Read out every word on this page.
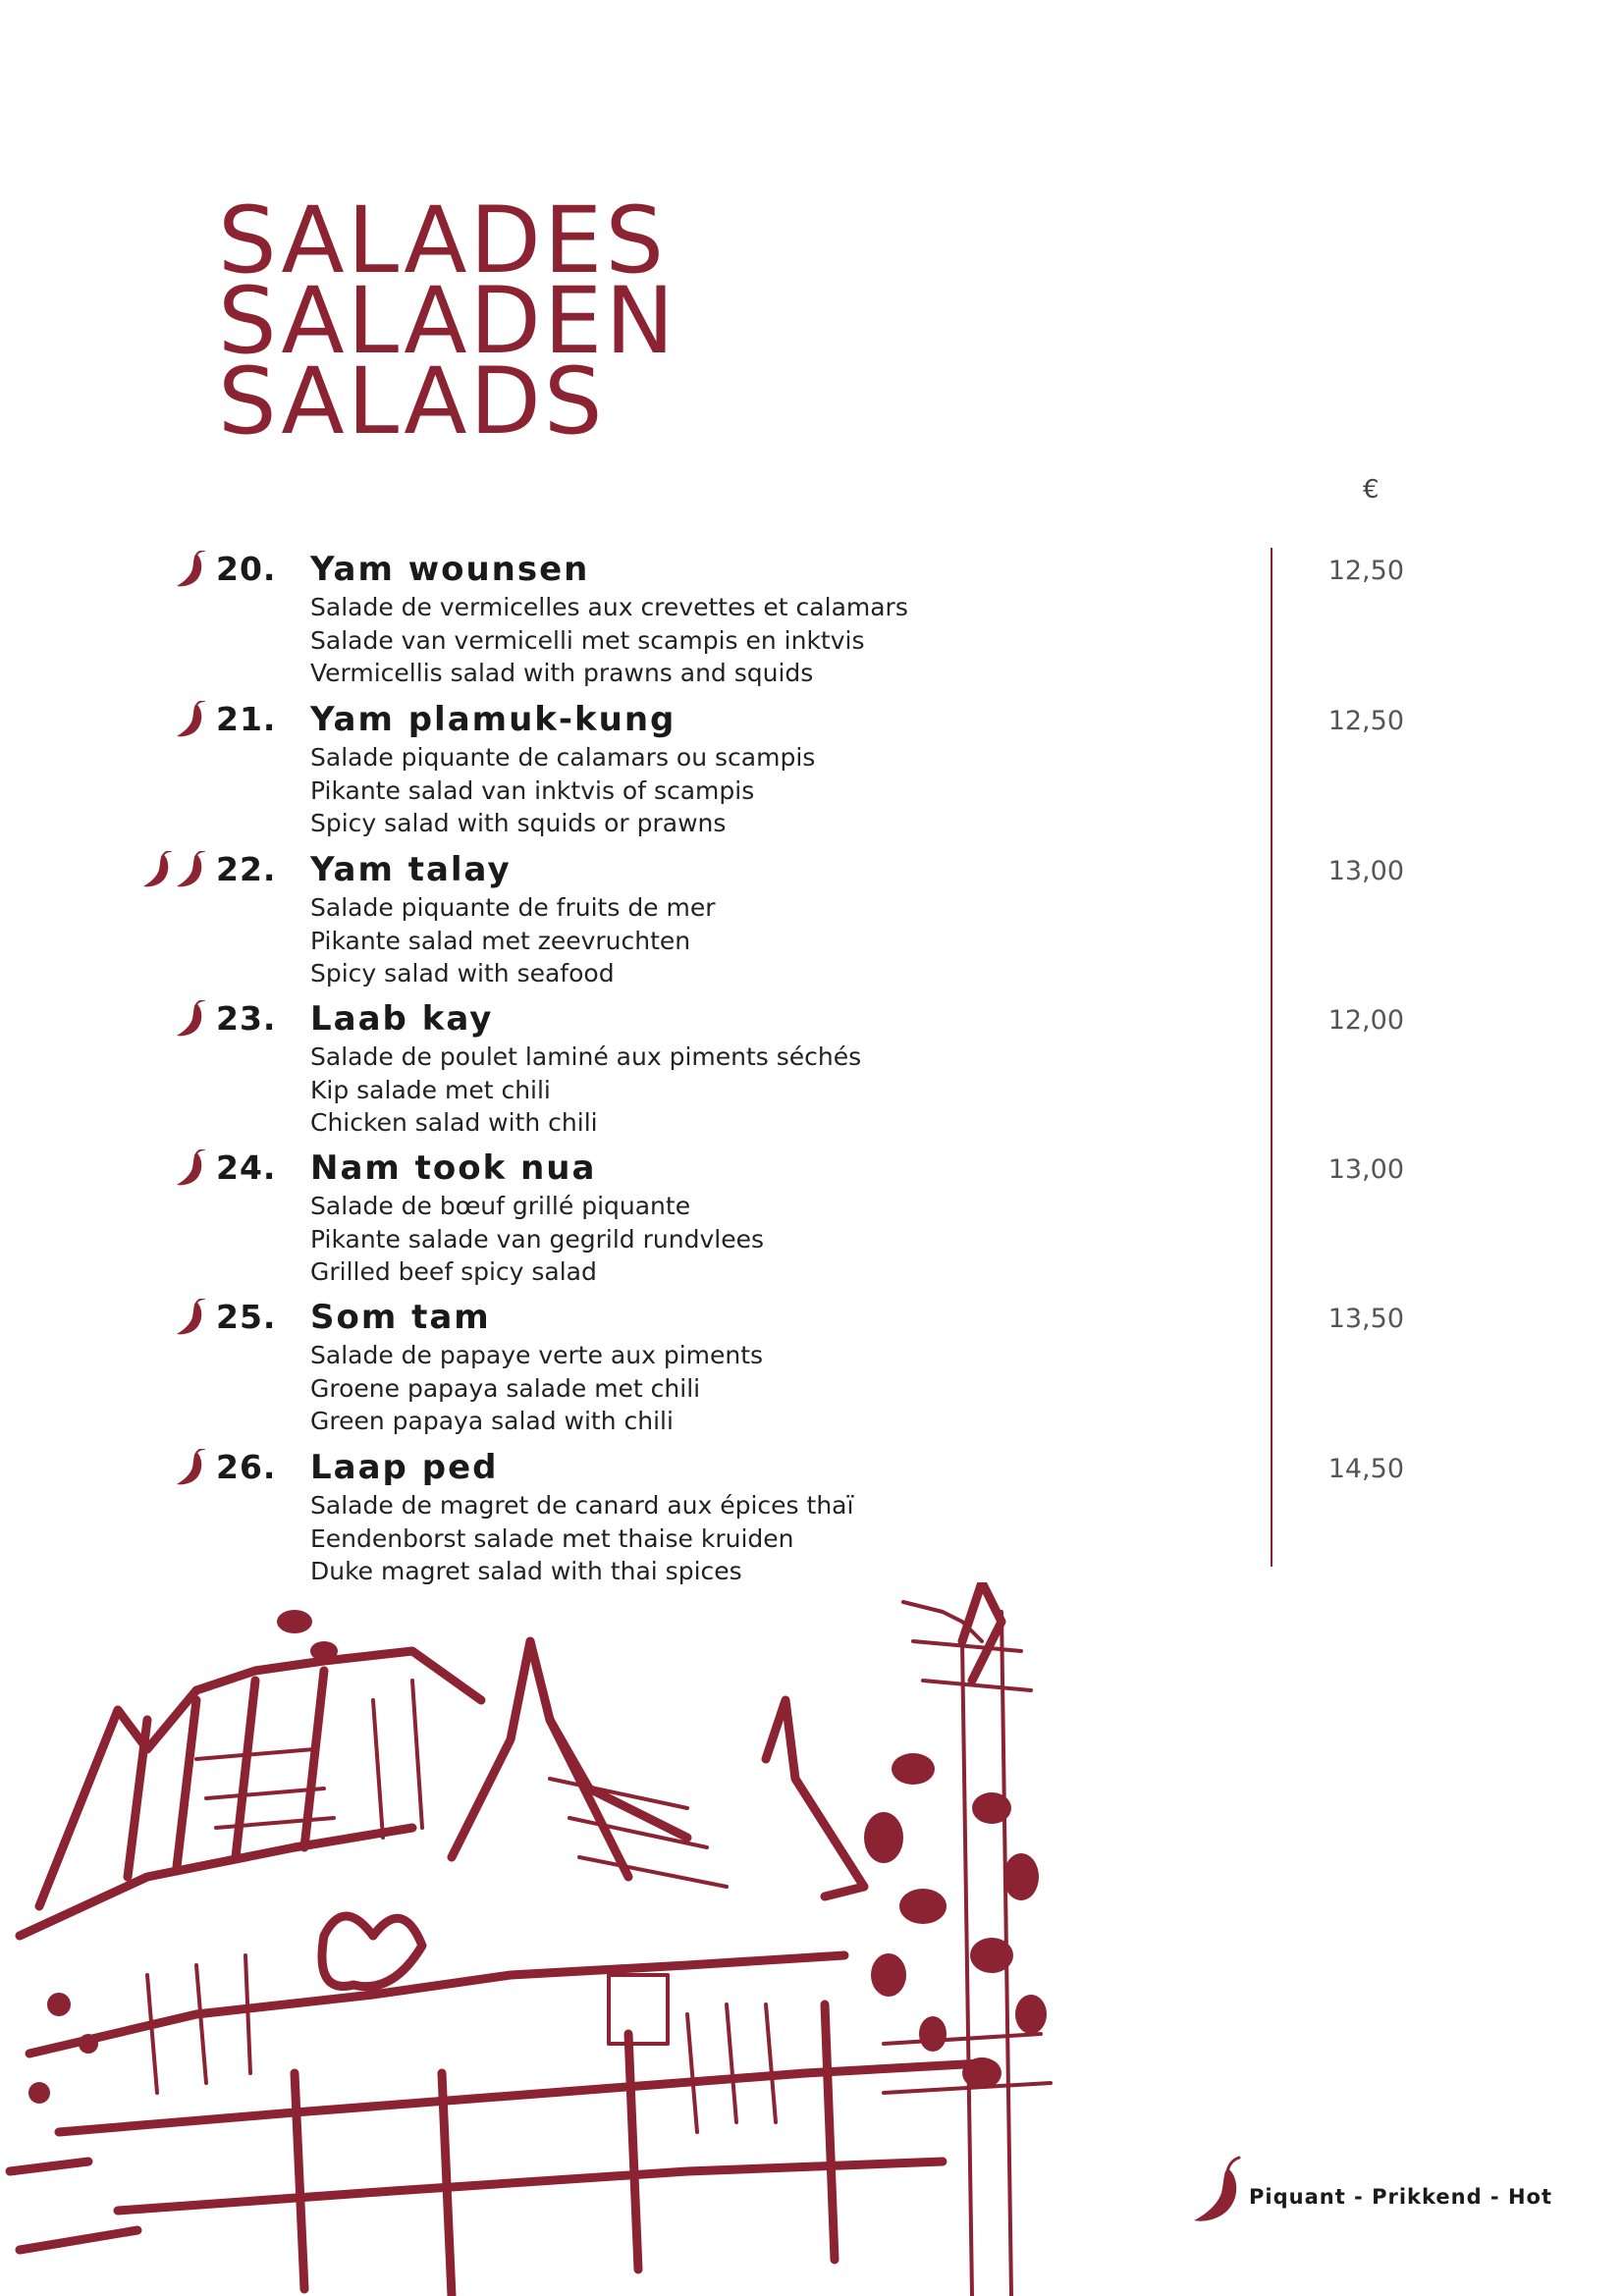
SALADES
SALADEN
SALADS
€
20. Yam wounsen
Salade de vermicelles aux crevettes et calamars
Salade van vermicelli met scampis en inktvis
Vermicellis salad with prawns and squids
12,50
21. Yam plamuk-kung
Salade piquante de calamars ou scampis
Pikante salad van inktvis of scampis
Spicy salad with squids or prawns
12,50
22. Yam talay
Salade piquante de fruits de mer
Pikante salad met zeevruchten
Spicy salad with seafood
13,00
23. Laab kay
Salade de poulet laminé aux piments séchés
Kip salade met chili
Chicken salad with chili
12,00
24. Nam took nua
Salade de bœuf grillé piquante
Pikante salade van gegrild rundvlees
Grilled beef spicy salad
13,00
25. Som tam
Salade de papaye verte aux piments
Groene papaya salade met chili
Green papaya salad with chili
13,50
26. Laap ped
Salade de magret de canard aux épices thaï
Eendenborst salade met thaise kruiden
Duke magret salad with thai spices
14,50
Piquant - Prikkend - Hot
